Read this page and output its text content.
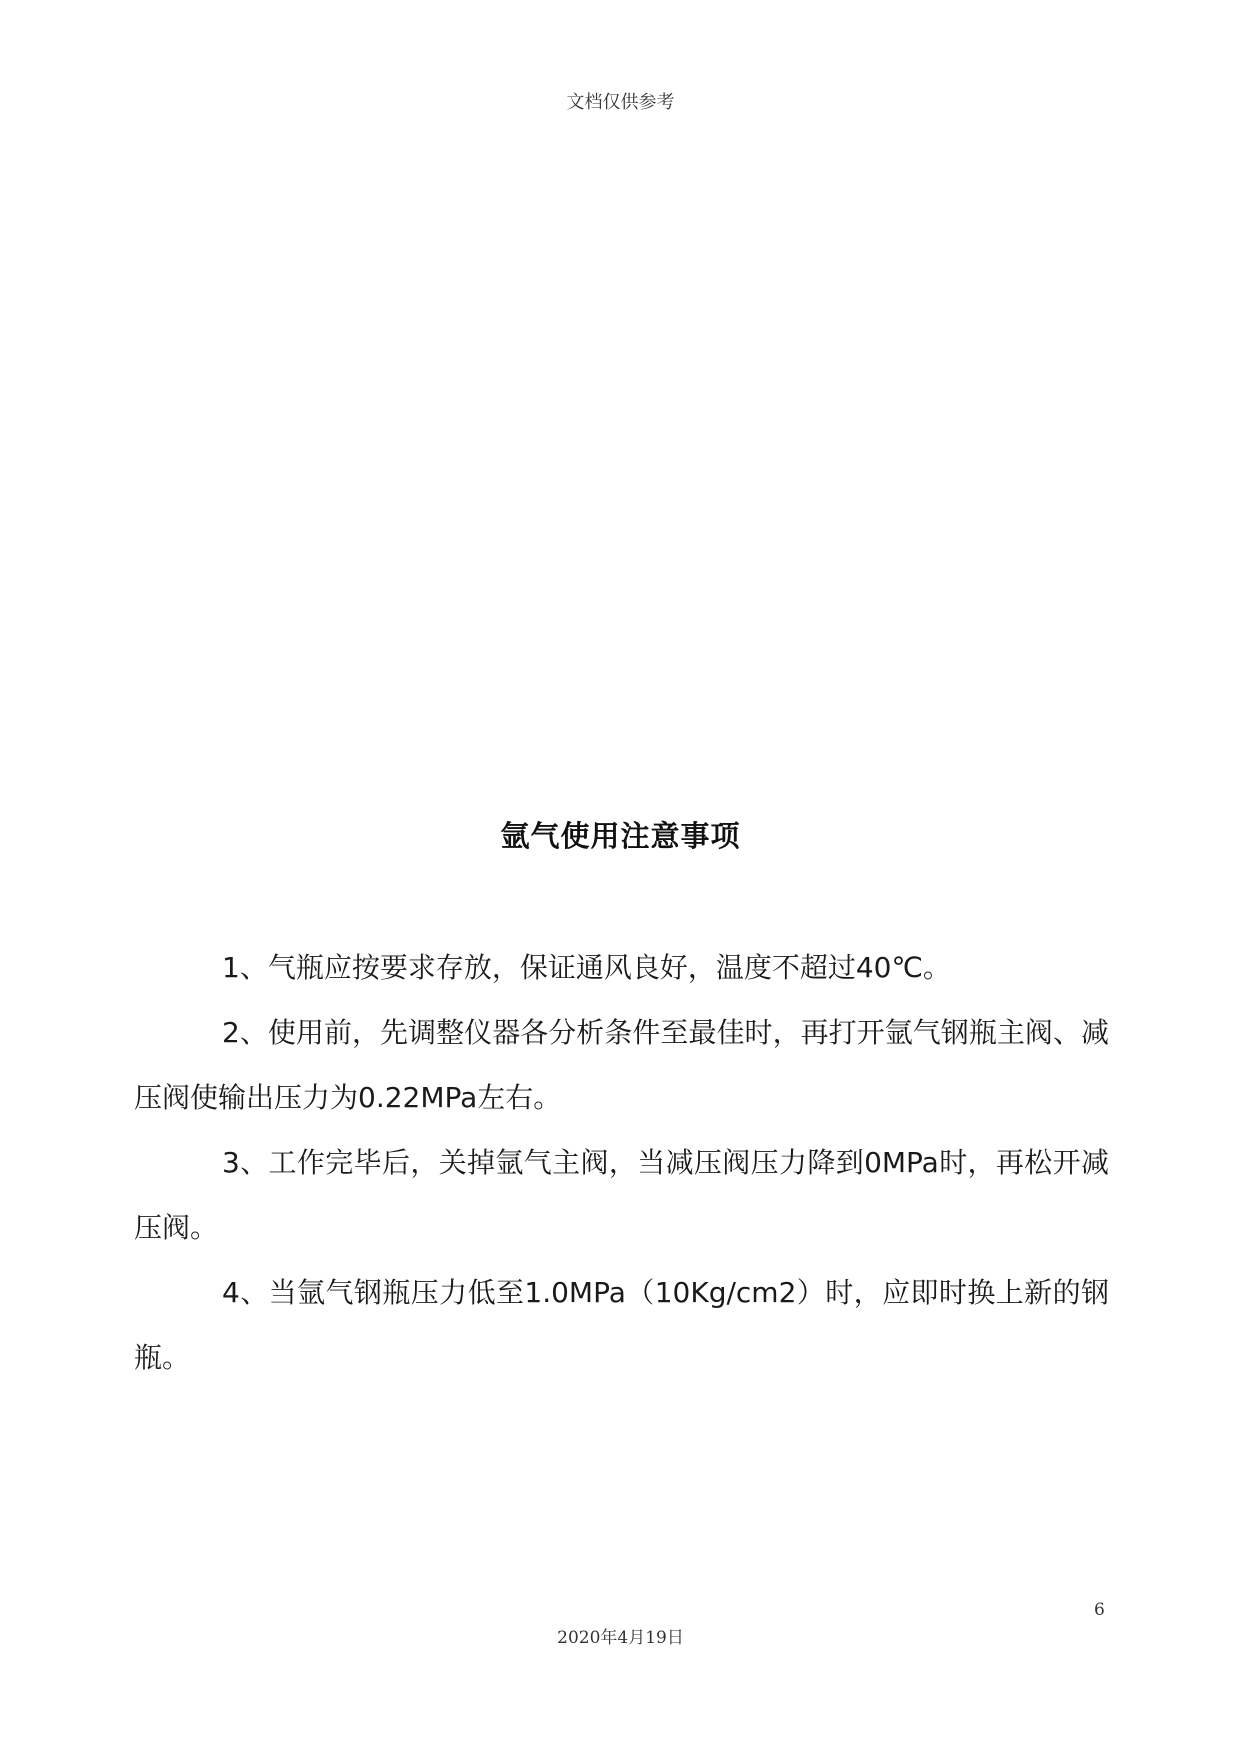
文档仅供参考
氩气使用注意事项

1、气瓶应按要求存放，保证通风良好，温度不超过40℃。

2、使用前，先调整仪器各分析条件至最佳时，再打开氩气钢瓶主阀、减压阀使输出压力为0.22MPa左右。

3、工作完毕后，关掉氩气主阀，当减压阀压力降到0MPa时，再松开减压阀。

4、当氩气钢瓶压力低至1.0MPa（10Kg/cm2）时，应即时换上新的钢瓶。

6
2020年4月19日
